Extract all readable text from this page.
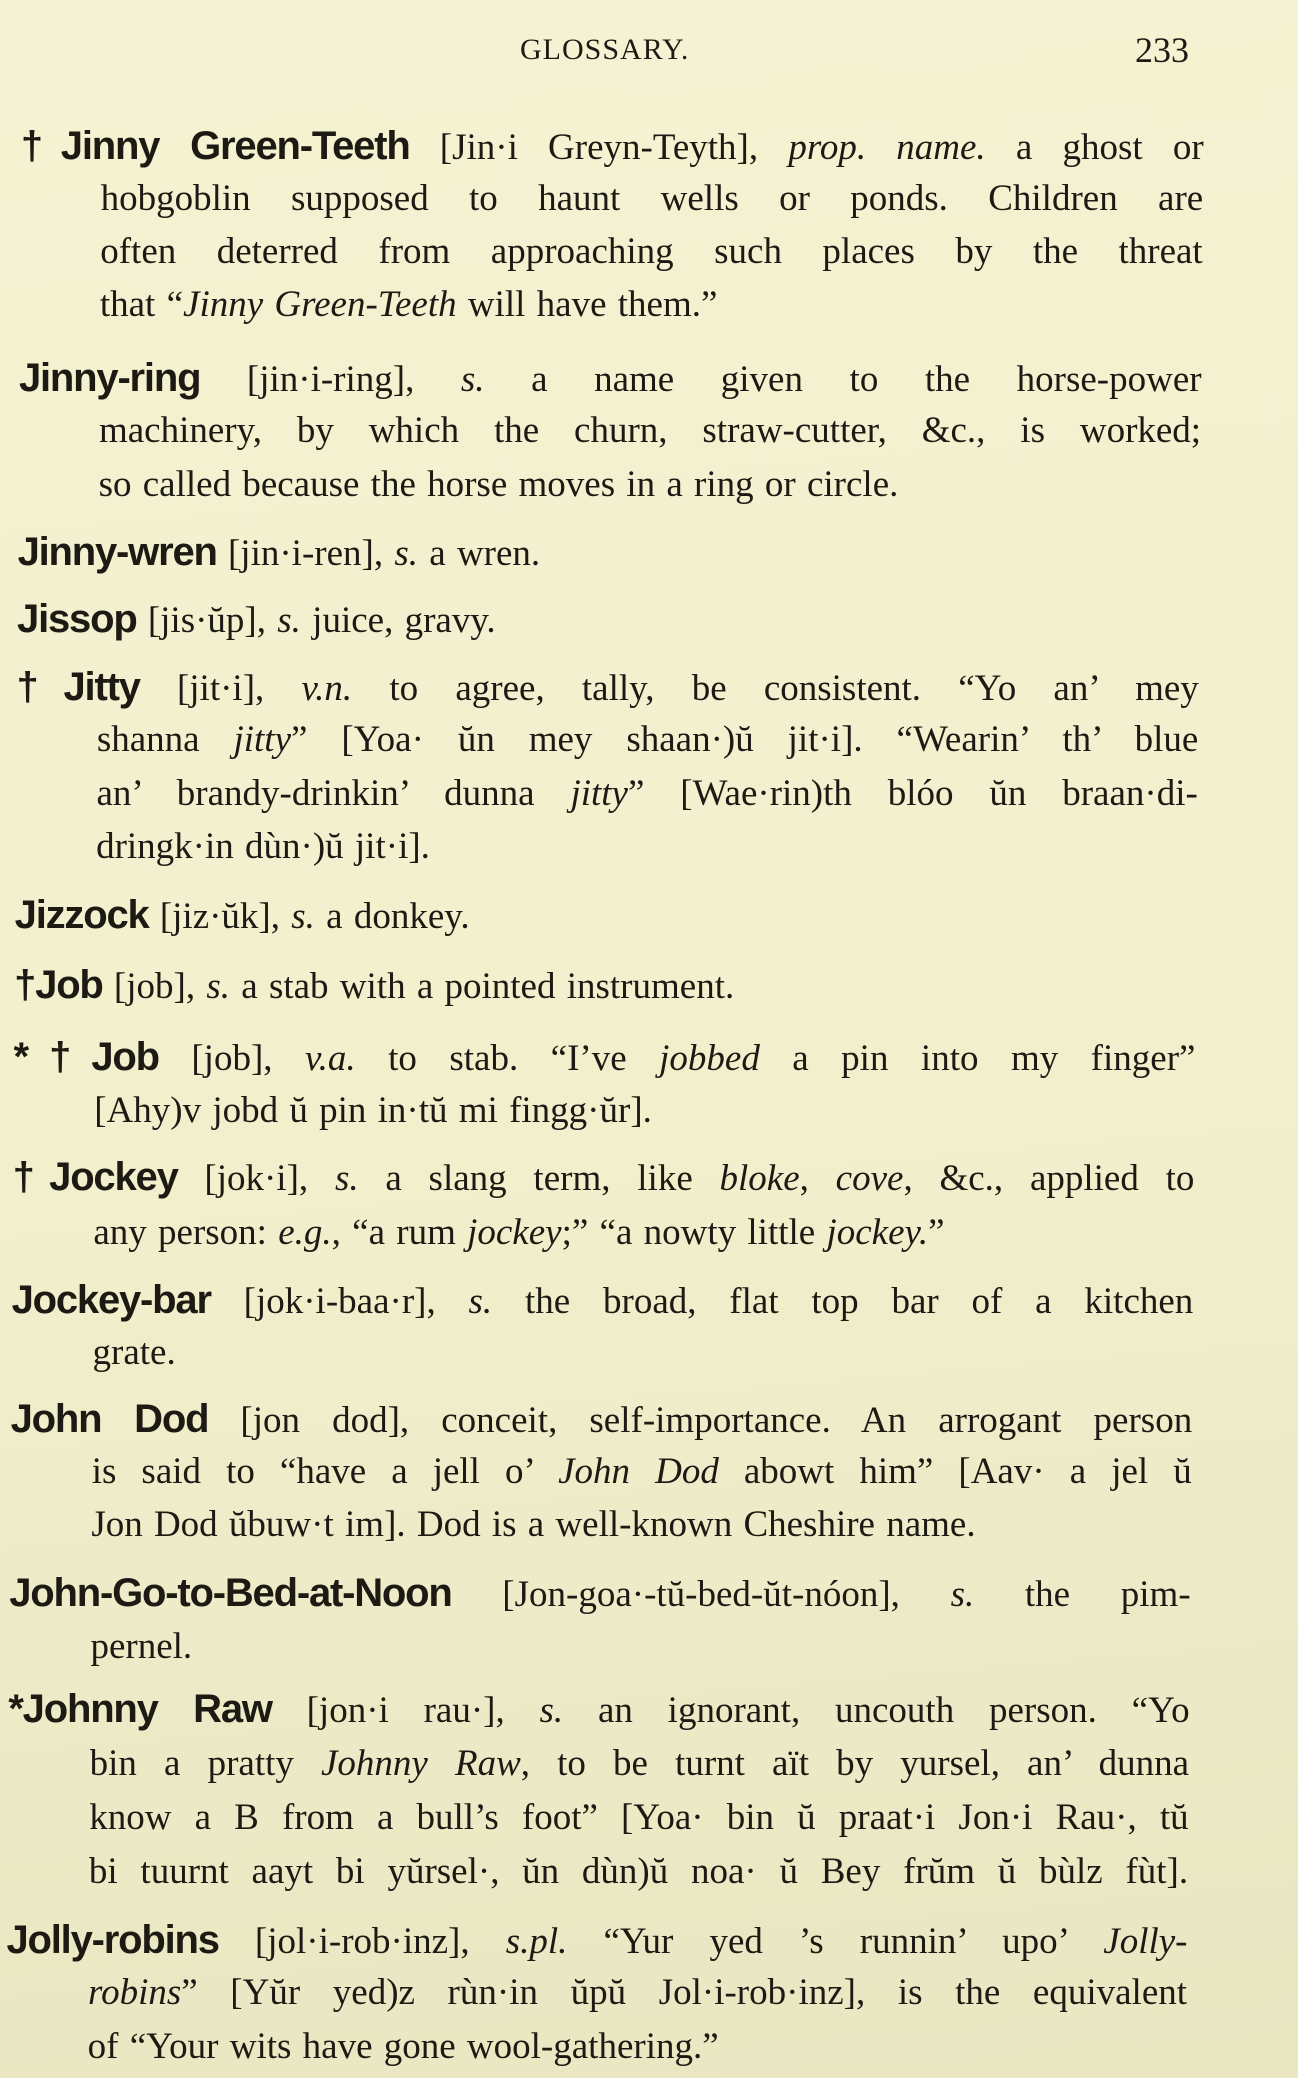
GLOSSARY.	233
†Jinny Green-Teeth [Jin·i Greyn-Teyth], prop. name. a ghost or
hobgoblin supposed to haunt wells or ponds. Children are
often deterred from approaching such places by the threat
that “Jinny Green-Teeth will have them.”
Jinny-ring [jin·i-ring], s. a name given to the horse-power
machinery, by which the churn, straw-cutter, &c., is worked;
so called because the horse moves in a ring or circle.
Jinny-wren [jin·i-ren], s. a wren.
Jissop [jis·ŭp], s. juice, gravy.
†Jitty [jit·i], v.n. to agree, tally, be consistent. “Yo an’ mey
shanna jitty” [Yoa· ŭn mey shaan·)ŭ jit·i]. “Wearin’ th’ blue
an’ brandy-drinkin’ dunna jitty” [Wae·rin)th blóo ŭn braan·di-
dringk·in dùn·)ŭ jit·i].
Jizzock [jiz·ŭk], s. a donkey.
†Job [job], s. a stab with a pointed instrument.
*†Job [job], v.a. to stab. “I’ve jobbed a pin into my finger”
[Ahy)v jobd ŭ pin in·tŭ mi fingg·ŭr].
†Jockey [jok·i], s. a slang term, like bloke, cove, &c., applied to
any person: e.g., “a rum jockey;” “a nowty little jockey.”
Jockey-bar [jok·i-baa·r], s. the broad, flat top bar of a kitchen
grate.
John Dod [jon dod], conceit, self-importance. An arrogant person
is said to “have a jell o’ John Dod abowt him” [Aav· a jel ŭ
Jon Dod ŭbuw·t im]. Dod is a well-known Cheshire name.
John-Go-to-Bed-at-Noon [Jon-goa·-tŭ-bed-ŭt-nóon], s. the pim-
pernel.
*Johnny Raw [jon·i rau·], s. an ignorant, uncouth person. “Yo
bin a pratty Johnny Raw, to be turnt aït by yursel, an’ dunna
know a B from a bull’s foot” [Yoa· bin ŭ praat·i Jon·i Rau·, tŭ
bi tuurnt aayt bi yŭrsel·, ŭn dùn)ŭ noa· ŭ Bey frŭm ŭ bùlz fùt].
Jolly-robins [jol·i-rob·inz], s.pl. “Yur yed ’s runnin’ upo’ Jolly-
robins” [Yŭr yed)z rùn·in ŭpŭ Jol·i-rob·inz], is the equivalent
of “Your wits have gone wool-gathering.”
